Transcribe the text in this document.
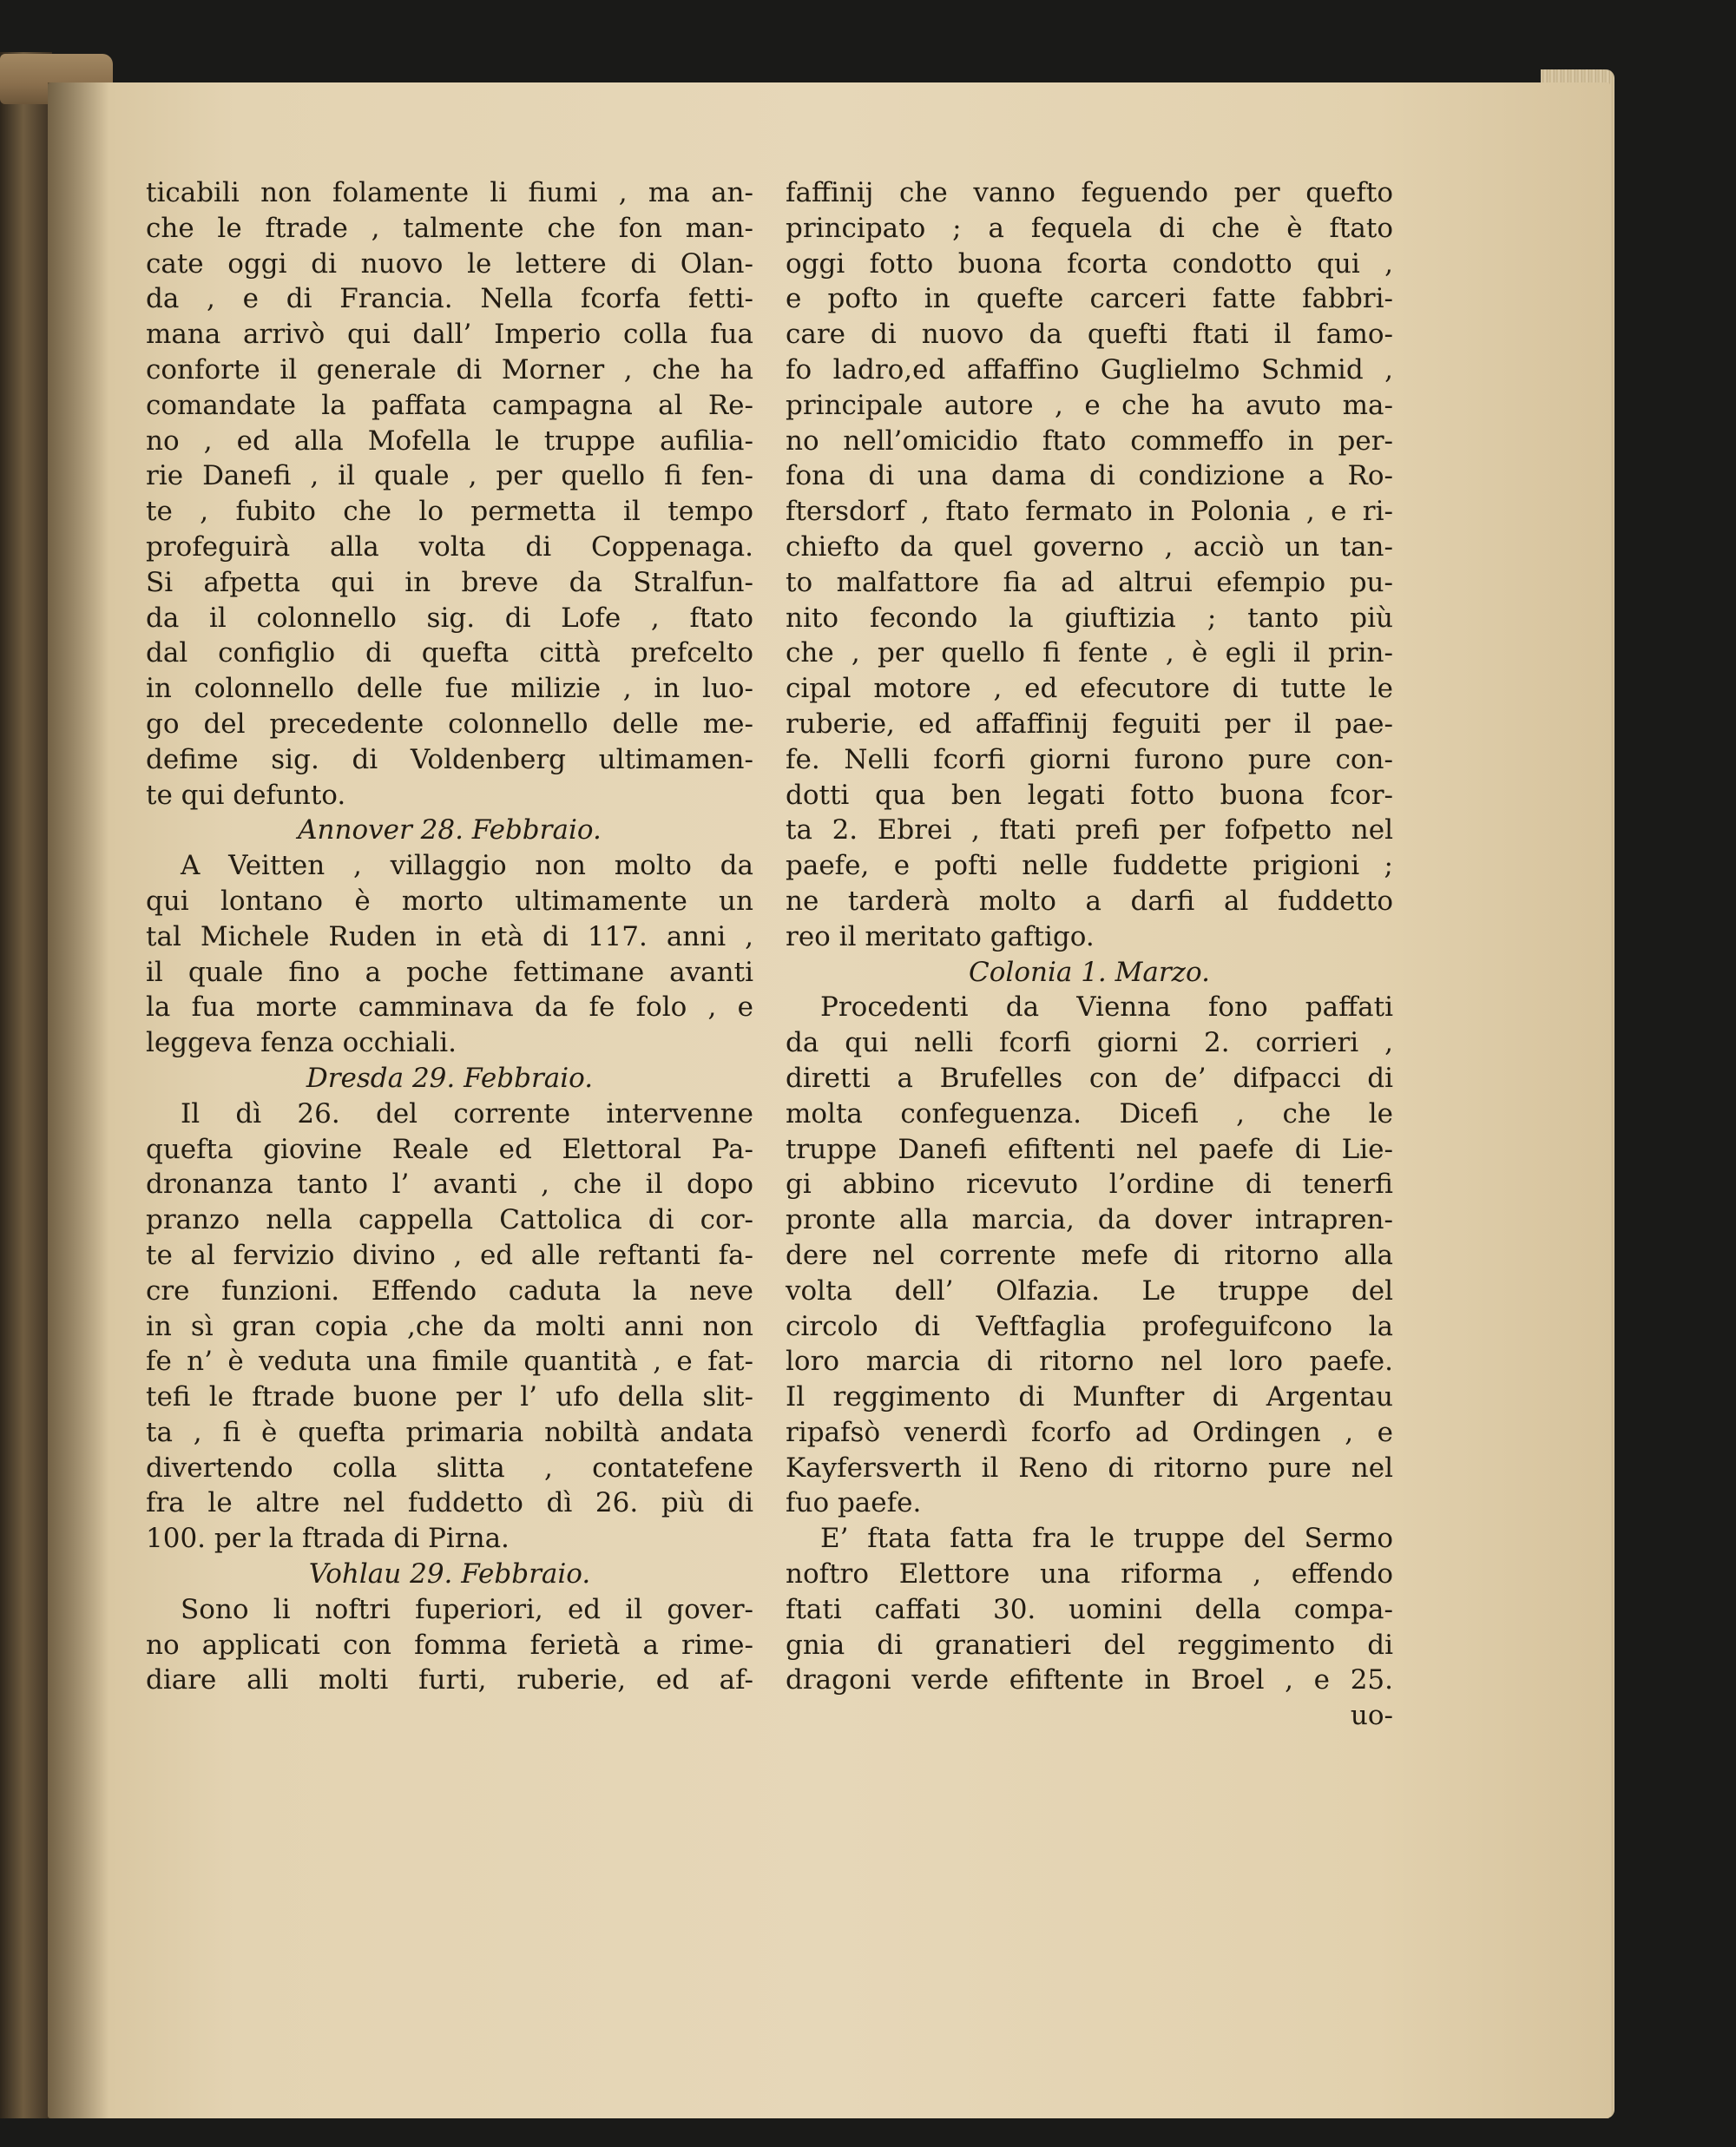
ticabili non folamente li fiumi , ma an-
che le ftrade , talmente che fon man-
cate oggi di nuovo le lettere di Olan-
da , e di Francia. Nella fcorfa fetti-
mana arrivò qui dall’ Imperio colla fua
conforte il generale di Morner , che ha
comandate la paffata campagna al Re-
no , ed alla Mofella le truppe aufilia-
rie Danefi , il quale , per quello fi fen-
te , fubito che lo permetta il tempo
profeguirà alla volta di Coppenaga.
Si afpetta qui in breve da Stralfun-
da il colonnello sig. di Lofe , ftato
dal configlio di quefta città prefcelto
in colonnello delle fue milizie , in luo-
go del precedente colonnello delle me-
defime sig. di Voldenberg ultimamen-
te qui defunto.
Annover 28. Febbraio.
A Veitten , villaggio non molto da
qui lontano è morto ultimamente un
tal Michele Ruden in età di 117. anni ,
il quale fino a poche fettimane avanti
la fua morte camminava da fe folo , e
leggeva fenza occhiali.
Dresda 29. Febbraio.
Il dì 26. del corrente intervenne
quefta giovine Reale ed Elettoral Pa-
dronanza tanto l’ avanti , che il dopo
pranzo nella cappella Cattolica di cor-
te al fervizio divino , ed alle reftanti fa-
cre funzioni. Effendo caduta la neve
in sì gran copia ,che da molti anni non
fe n’ è veduta una fimile quantità , e fat-
tefi le ftrade buone per l’ ufo della slit-
ta , fi è quefta primaria nobiltà andata
divertendo colla slitta , contatefene
fra le altre nel fuddetto dì 26. più di
100. per la ftrada di Pirna.
Vohlau 29. Febbraio.
Sono li noftri fuperiori, ed il gover-
no applicati con fomma ferietà a rime-
diare alli molti furti, ruberie, ed af-
faffinij che vanno feguendo per quefto
principato ; a fequela di che è ftato
oggi fotto buona fcorta condotto qui ,
e pofto in quefte carceri fatte fabbri-
care di nuovo da quefti ftati il famo-
fo ladro,ed affaffino Guglielmo Schmid ,
principale autore , e che ha avuto ma-
no nell’omicidio ftato commeffo in per-
fona di una dama di condizione a Ro-
ftersdorf , ftato fermato in Polonia , e ri-
chiefto da quel governo , acciò un tan-
to malfattore fia ad altrui efempio pu-
nito fecondo la giuftizia ; tanto più
che , per quello fi fente , è egli il prin-
cipal motore , ed efecutore di tutte le
ruberie, ed affaffinij feguiti per il pae-
fe. Nelli fcorfi giorni furono pure con-
dotti qua ben legati fotto buona fcor-
ta 2. Ebrei , ftati prefi per fofpetto nel
paefe, e pofti nelle fuddette prigioni ;
ne tarderà molto a darfi al fuddetto
reo il meritato gaftigo.
Colonia 1. Marzo.
Procedenti da Vienna fono paffati
da qui nelli fcorfi giorni 2. corrieri ,
diretti a Brufelles con de’ difpacci di
molta confeguenza. Dicefi , che le
truppe Danefi efiftenti nel paefe di Lie-
gi abbino ricevuto l’ordine di tenerfi
pronte alla marcia, da dover intrapren-
dere nel corrente mefe di ritorno alla
volta dell’ Olfazia. Le truppe del
circolo di Veftfaglia profeguifcono la
loro marcia di ritorno nel loro paefe.
Il reggimento di Munfter di Argentau
ripafsò venerdì fcorfo ad Ordingen , e
Kayfersverth il Reno di ritorno pure nel
fuo paefe.
E’ ftata fatta fra le truppe del Sermo
noftro Elettore una riforma , effendo
ftati caffati 30. uomini della compa-
gnia di granatieri del reggimento di
dragoni verde efiftente in Broel , e 25.
uo-
